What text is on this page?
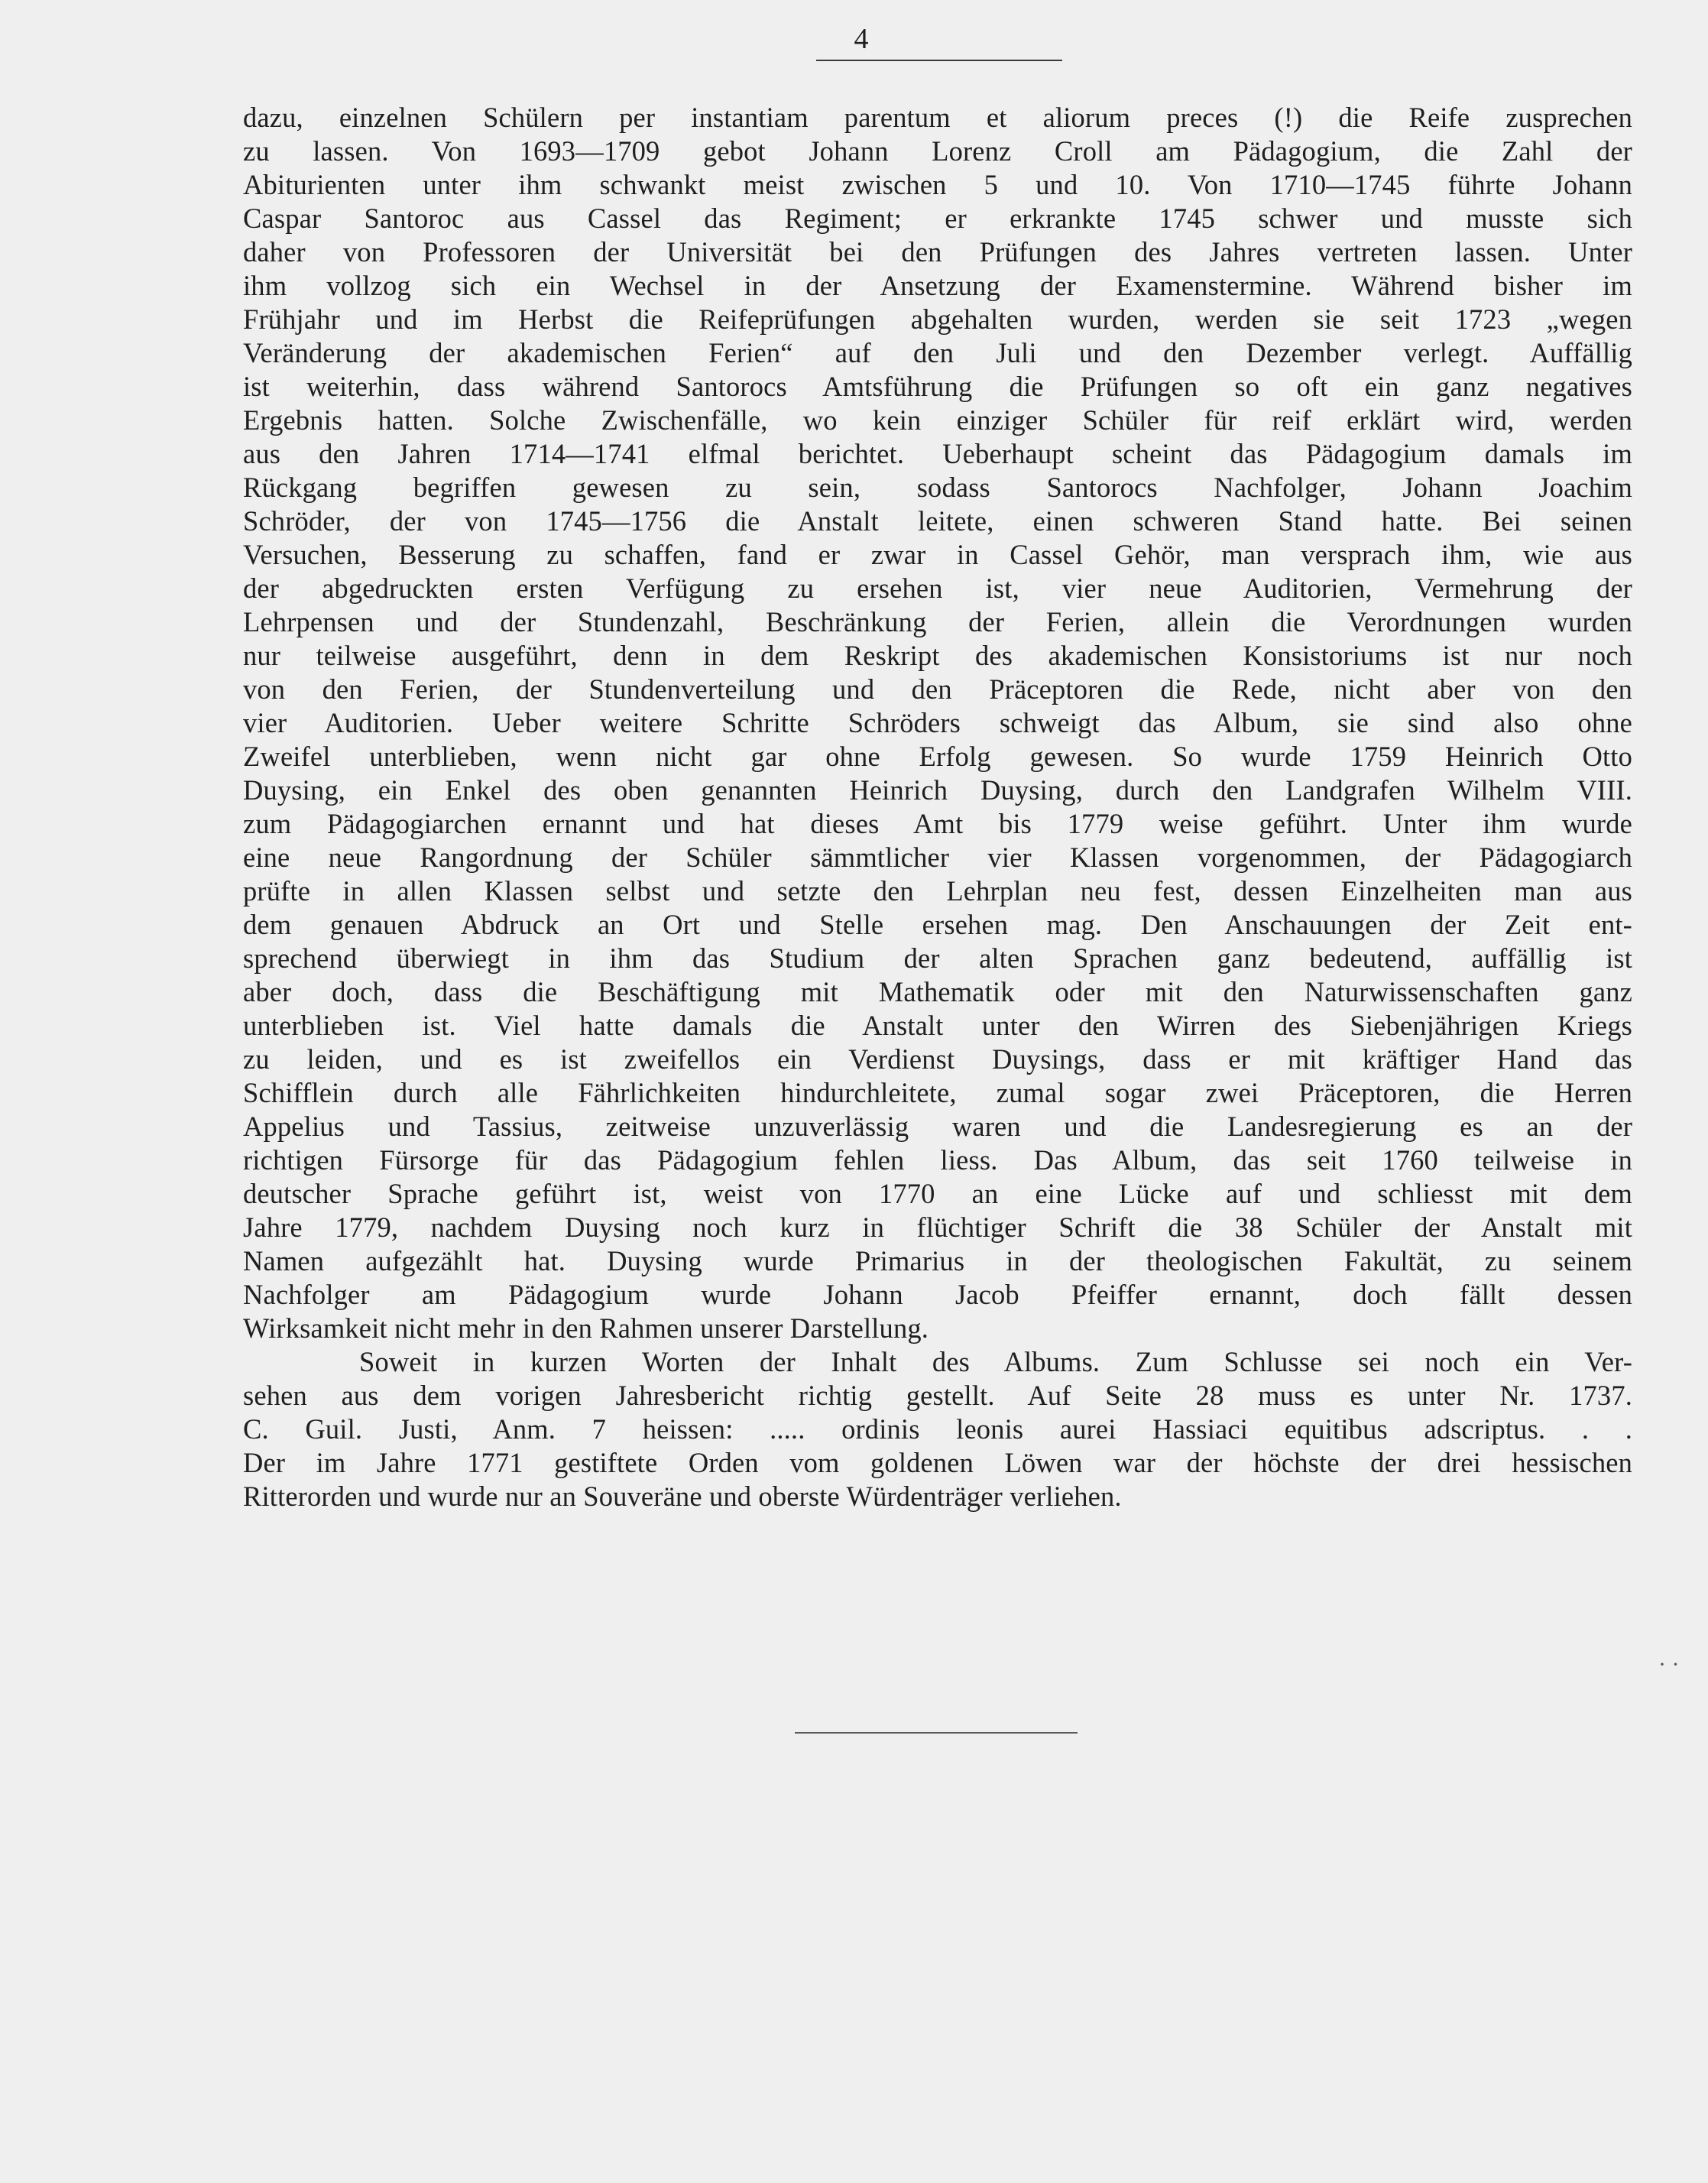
4
dazu, einzelnen Schülern per instantiam parentum et aliorum preces (!) die Reife zusprechen
zu lassen. Von 1693—1709 gebot Johann Lorenz Croll am Pädagogium, die Zahl der
Abiturienten unter ihm schwankt meist zwischen 5 und 10. Von 1710—1745 führte Johann
Caspar Santoroc aus Cassel das Regiment; er erkrankte 1745 schwer und musste sich
daher von Professoren der Universität bei den Prüfungen des Jahres vertreten lassen. Unter
ihm vollzog sich ein Wechsel in der Ansetzung der Examenstermine. Während bisher im
Frühjahr und im Herbst die Reifeprüfungen abgehalten wurden, werden sie seit 1723 „wegen
Veränderung der akademischen Ferien“ auf den Juli und den Dezember verlegt. Auffällig
ist weiterhin, dass während Santorocs Amtsführung die Prüfungen so oft ein ganz negatives
Ergebnis hatten. Solche Zwischenfälle, wo kein einziger Schüler für reif erklärt wird, werden
aus den Jahren 1714—1741 elfmal berichtet. Ueberhaupt scheint das Pädagogium damals im
Rückgang begriffen gewesen zu sein, sodass Santorocs Nachfolger, Johann Joachim
Schröder, der von 1745—1756 die Anstalt leitete, einen schweren Stand hatte. Bei seinen
Versuchen, Besserung zu schaffen, fand er zwar in Cassel Gehör, man versprach ihm, wie aus
der abgedruckten ersten Verfügung zu ersehen ist, vier neue Auditorien, Vermehrung der
Lehrpensen und der Stundenzahl, Beschränkung der Ferien, allein die Verordnungen wurden
nur teilweise ausgeführt, denn in dem Reskript des akademischen Konsistoriums ist nur noch
von den Ferien, der Stundenverteilung und den Präceptoren die Rede, nicht aber von den
vier Auditorien. Ueber weitere Schritte Schröders schweigt das Album, sie sind also ohne
Zweifel unterblieben, wenn nicht gar ohne Erfolg gewesen. So wurde 1759 Heinrich Otto
Duysing, ein Enkel des oben genannten Heinrich Duysing, durch den Landgrafen Wilhelm VIII.
zum Pädagogiarchen ernannt und hat dieses Amt bis 1779 weise geführt. Unter ihm wurde
eine neue Rangordnung der Schüler sämmtlicher vier Klassen vorgenommen, der Pädagogiarch
prüfte in allen Klassen selbst und setzte den Lehrplan neu fest, dessen Einzelheiten man aus
dem genauen Abdruck an Ort und Stelle ersehen mag. Den Anschauungen der Zeit ent-
sprechend überwiegt in ihm das Studium der alten Sprachen ganz bedeutend, auffällig ist
aber doch, dass die Beschäftigung mit Mathematik oder mit den Naturwissenschaften ganz
unterblieben ist. Viel hatte damals die Anstalt unter den Wirren des Siebenjährigen Kriegs
zu leiden, und es ist zweifellos ein Verdienst Duysings, dass er mit kräftiger Hand das
Schifflein durch alle Fährlichkeiten hindurchleitete, zumal sogar zwei Präceptoren, die Herren
Appelius und Tassius, zeitweise unzuverlässig waren und die Landesregierung es an der
richtigen Fürsorge für das Pädagogium fehlen liess. Das Album, das seit 1760 teilweise in
deutscher Sprache geführt ist, weist von 1770 an eine Lücke auf und schliesst mit dem
Jahre 1779, nachdem Duysing noch kurz in flüchtiger Schrift die 38 Schüler der Anstalt mit
Namen aufgezählt hat. Duysing wurde Primarius in der theologischen Fakultät, zu seinem
Nachfolger am Pädagogium wurde Johann Jacob Pfeiffer ernannt, doch fällt dessen
Wirksamkeit nicht mehr in den Rahmen unserer Darstellung.
Soweit in kurzen Worten der Inhalt des Albums. Zum Schlusse sei noch ein Ver-
sehen aus dem vorigen Jahresbericht richtig gestellt. Auf Seite 28 muss es unter Nr. 1737.
C. Guil. Justi, Anm. 7 heissen: ..... ordinis leonis aurei Hassiaci equitibus adscriptus. . .
Der im Jahre 1771 gestiftete Orden vom goldenen Löwen war der höchste der drei hessischen
Ritterorden und wurde nur an Souveräne und oberste Würdenträger verliehen.
· ·
